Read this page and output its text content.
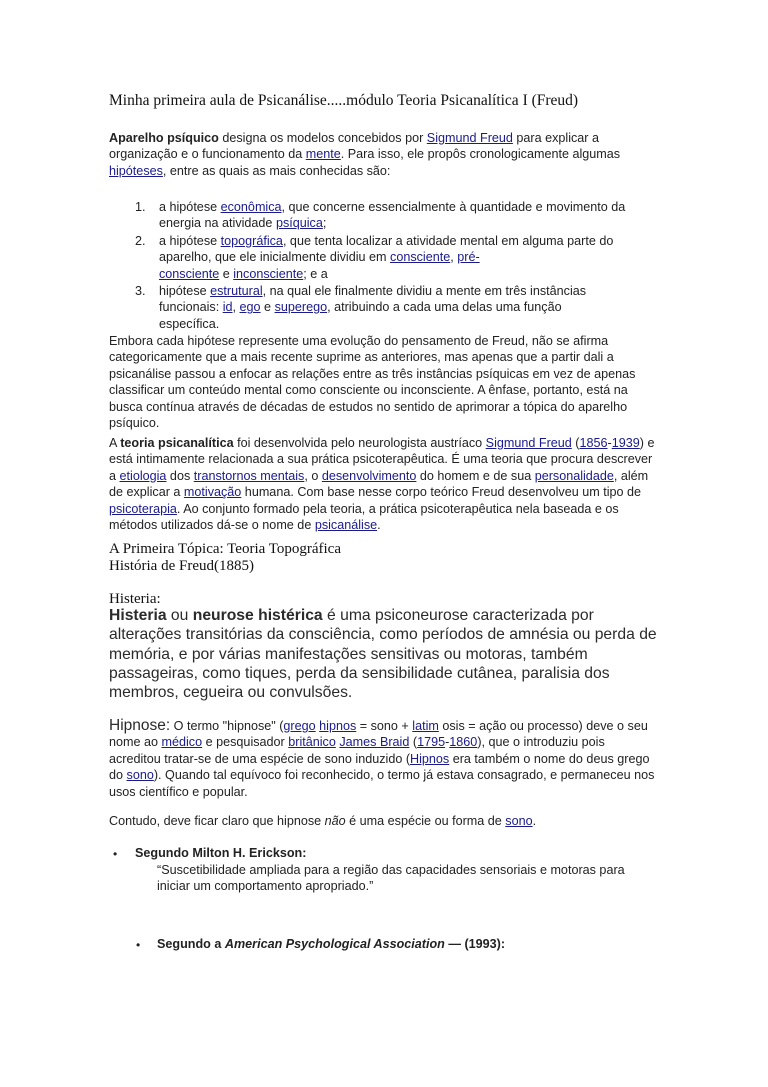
Minha primeira aula de Psicanálise.....módulo Teoria Psicanalítica I (Freud)
Aparelho psíquico designa os modelos concebidos por Sigmund Freud para explicar a organização e o funcionamento da mente. Para isso, ele propôs cronologicamente algumas hipóteses, entre as quais as mais conhecidas são:
1. a hipótese econômica, que concerne essencialmente à quantidade e movimento da energia na atividade psíquica;
2. a hipótese topográfica, que tenta localizar a atividade mental em alguma parte do aparelho, que ele inicialmente dividiu em consciente, pré-
consciente e inconsciente; e a
3. hipótese estrutural, na qual ele finalmente dividiu a mente em três instâncias funcionais: id, ego e superego, atribuindo a cada uma delas uma função específica.
Embora cada hipótese represente uma evolução do pensamento de Freud, não se afirma categoricamente que a mais recente suprime as anteriores, mas apenas que a partir dali a psicanálise passou a enfocar as relações entre as três instâncias psíquicas em vez de apenas classificar um conteúdo mental como consciente ou inconsciente. A ênfase, portanto, está na busca contínua através de décadas de estudos no sentido de aprimorar a tópica do aparelho psíquico.
A teoria psicanalítica foi desenvolvida pelo neurologista austríaco Sigmund Freud (1856-1939) e está intimamente relacionada a sua prática psicoterapêutica. É uma teoria que procura descrever a etiologia dos transtornos mentais, o desenvolvimento do homem e de sua personalidade, além de explicar a motivação humana. Com base nesse corpo teórico Freud desenvolveu um tipo de psicoterapia. Ao conjunto formado pela teoria, a prática psicoterapêutica nela baseada e os métodos utilizados dá-se o nome de psicanálise.
A Primeira Tópica: Teoria Topográfica
História de Freud(1885)
Histeria:
Histeria ou neurose histérica é uma psiconeurose caracterizada por alterações transitórias da consciência, como períodos de amnésia ou perda de memória, e por várias manifestações sensitivas ou motoras, também passageiras, como tiques, perda da sensibilidade cutânea, paralisia dos membros, cegueira ou convulsões.
Hipnose: O termo "hipnose" (grego hipnos = sono + latim osis = ação ou processo) deve o seu nome ao médico e pesquisador britânico James Braid (1795-1860), que o introduziu pois acreditou tratar-se de uma espécie de sono induzido (Hipnos era também o nome do deus grego do sono). Quando tal equívoco foi reconhecido, o termo já estava consagrado, e permaneceu nos usos científico e popular.
Contudo, deve ficar claro que hipnose não é uma espécie ou forma de sono.
• Segundo Milton H. Erickson:
“Suscetibilidade ampliada para a região das capacidades sensoriais e motoras para iniciar um comportamento apropriado.”
• Segundo a American Psychological Association — (1993):
